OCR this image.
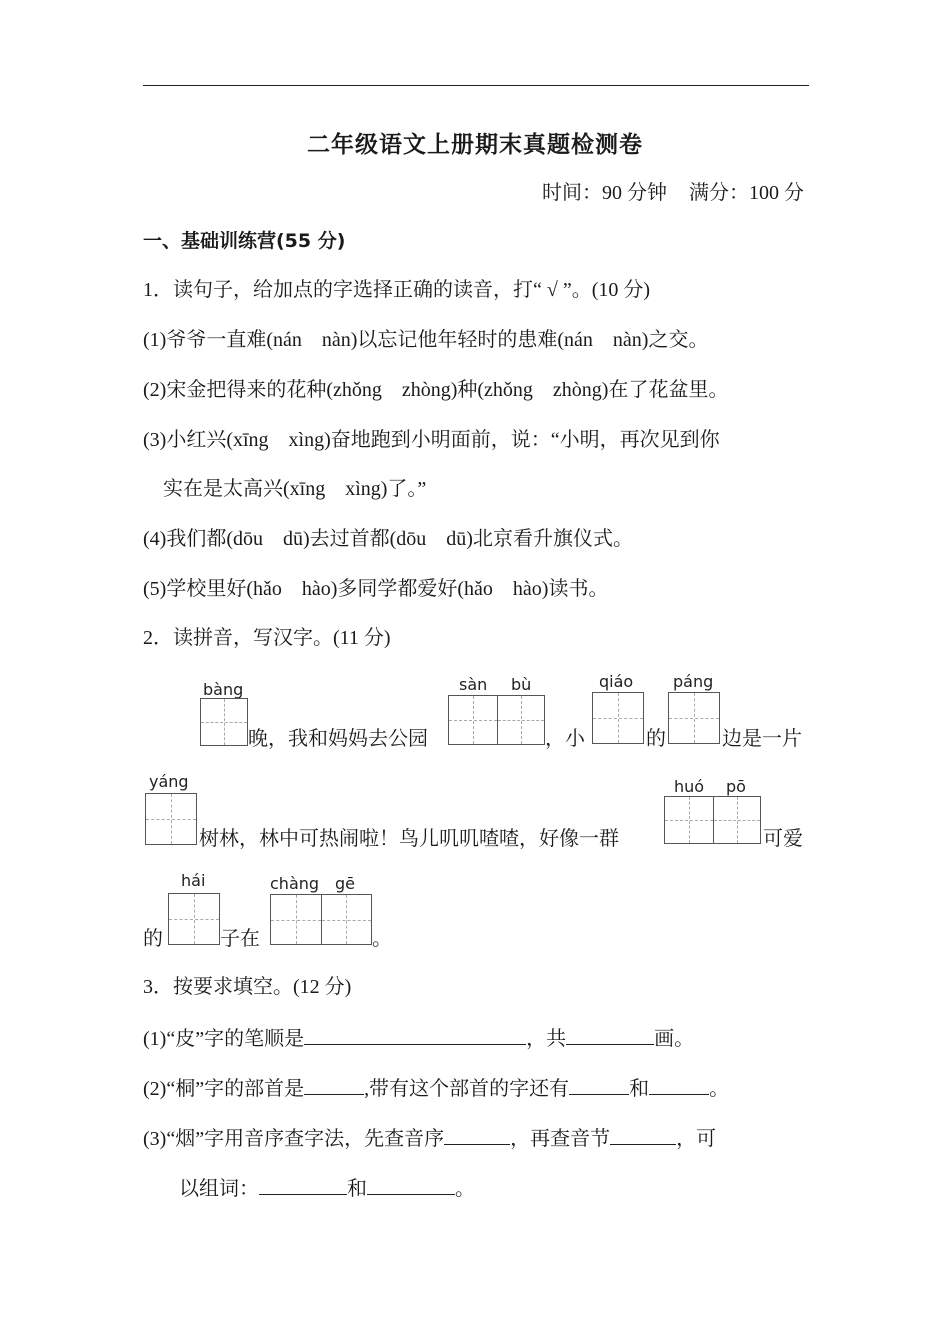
二年级语文上册期末真题检测卷
时间：90 分钟 满分：100 分
一、基础训练营(55 分)
1．读句子，给加点的字选择正确的读音，打“ √ ”。(10 分)
(1)爷爷一直难(nán　nàn)以忘记他年轻时的患难(nán　nàn)之交。
(2)宋金把得来的花种(zhǒng　zhòng)种(zhǒng　zhòng)在了花盆里。
(3)小红兴(xīng　xìng)奋地跑到小明面前，说：“小明，再次见到你
　实在是太高兴(xīng　xìng)了。”
(4)我们都(dōu　dū)去过首都(dōu　dū)北京看升旗仪式。
(5)学校里好(hǎo　hào)多同学都爱好(hǎo　hào)读书。
2．读拼音，写汉字。(11 分)
bàng
晚，我和妈妈去公园
sàn bù
，小
qiáo
的
páng
边是一片
yáng
树林，林中可热闹啦！鸟儿叽叽喳喳，好像一群
huó pō
可爱
hái
的	子在
chàng gē
。
3．按要求填空。(12 分)
(1)“皮”字的笔顺是	，共	画。
(2)“桐”字的部首是	,带有这个部首的字还有	和	。
(3)“烟”字用音序查字法，先查音序	，再查音节	，可
以组词：	和	。
